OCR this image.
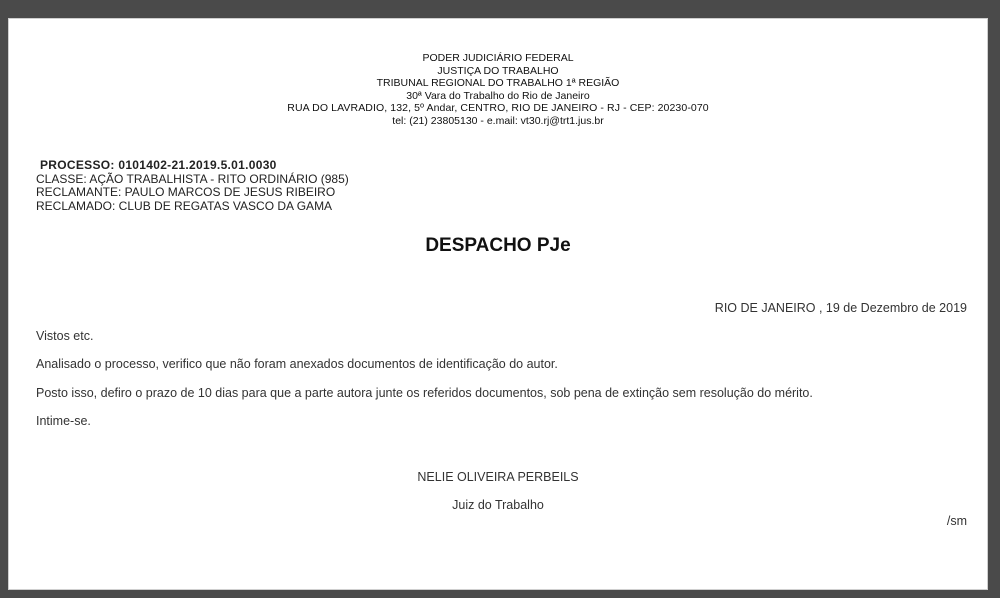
PODER JUDICIÁRIO FEDERAL
JUSTIÇA DO TRABALHO
TRIBUNAL REGIONAL DO TRABALHO 1ª REGIÃO
30ª Vara do Trabalho do Rio de Janeiro
RUA DO LAVRADIO, 132, 5º Andar, CENTRO, RIO DE JANEIRO - RJ - CEP: 20230-070
tel: (21) 23805130 - e.mail: vt30.rj@trt1.jus.br
PROCESSO: 0101402-21.2019.5.01.0030
CLASSE: AÇÃO TRABALHISTA - RITO ORDINÁRIO (985)
RECLAMANTE: PAULO MARCOS DE JESUS RIBEIRO
RECLAMADO: CLUB DE REGATAS VASCO DA GAMA
DESPACHO PJe
RIO DE JANEIRO , 19 de Dezembro de 2019
Vistos etc.
Analisado o processo, verifico que não foram anexados documentos de identificação do autor.
Posto isso, defiro o prazo de 10 dias para que a parte autora junte os referidos documentos, sob pena de extinção sem resolução do mérito.
Intime-se.
NELIE OLIVEIRA PERBEILS
Juiz do Trabalho
/sm
